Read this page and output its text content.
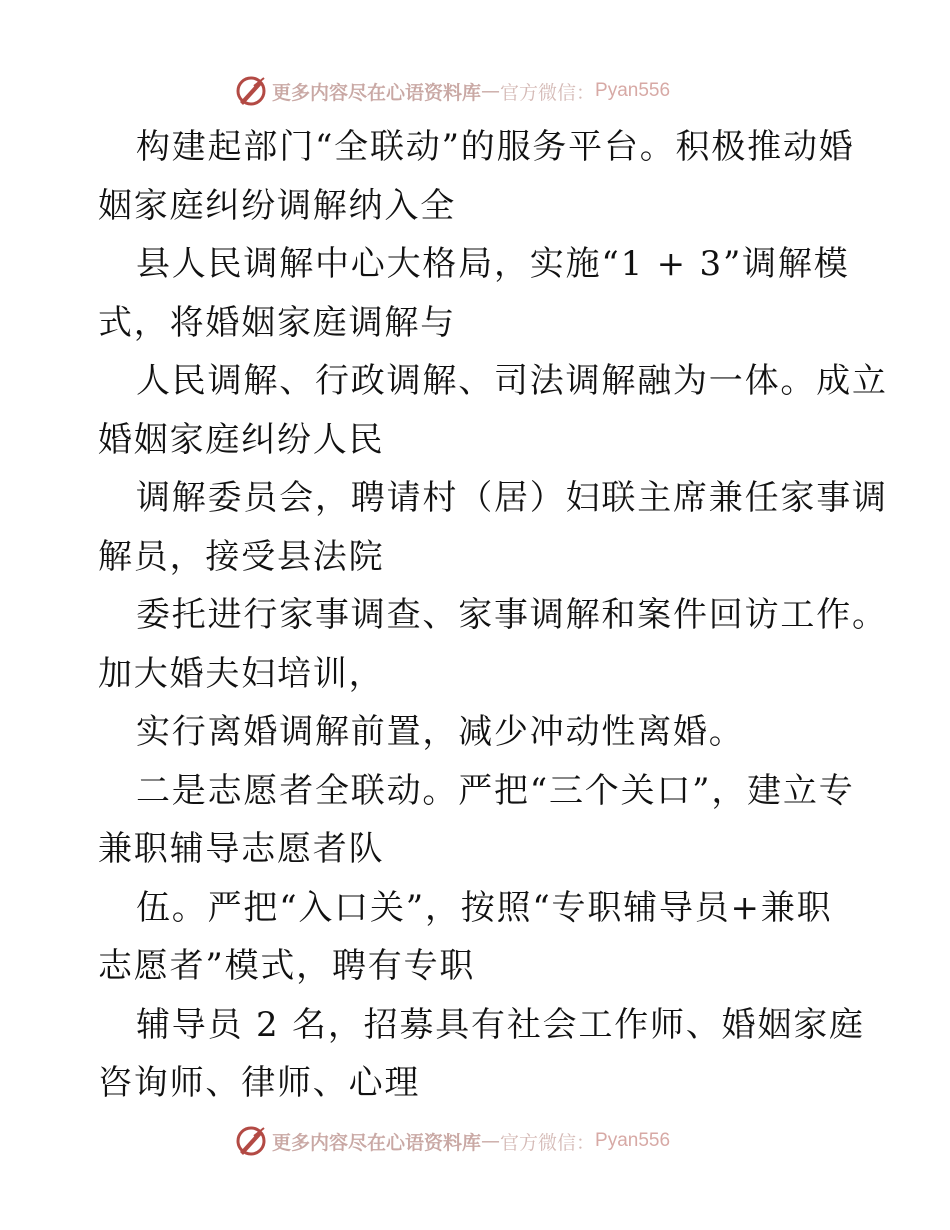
更多内容尽在心语资料库 — 官方微信： Pyan556
构建起部门“全联动”的服务平台。积极推动婚
姻家庭纠纷调解纳入全
县人民调解中心大格局，实施“1 + 3”调解模
式，将婚姻家庭调解与
人民调解、行政调解、司法调解融为一体。成立
婚姻家庭纠纷人民
调解委员会，聘请村（居）妇联主席兼任家事调
解员，接受县法院
委托进行家事调查、家事调解和案件回访工作。
加大婚夫妇培训，
实行离婚调解前置，减少冲动性离婚。
二是志愿者全联动。严把“三个关口”，建立专
兼职辅导志愿者队
伍。严把“入口关”，按照“专职辅导员+兼职
志愿者”模式，聘有专职
辅导员 2 名，招募具有社会工作师、婚姻家庭
咨询师、律师、心理
更多内容尽在心语资料库 — 官方微信： Pyan556
